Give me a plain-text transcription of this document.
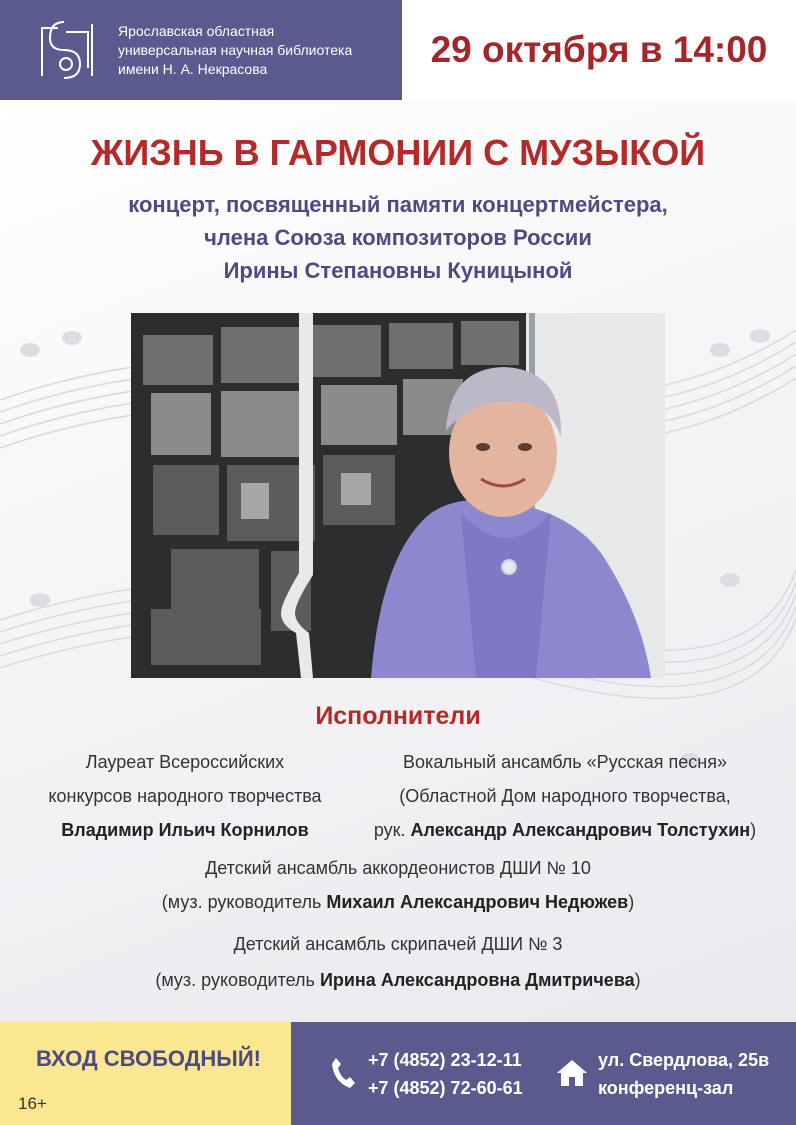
Ярославская областная
универсальная научная библиотека
имени Н. А. Некрасова	29 октября в 14:00
ЖИЗНЬ В ГАРМОНИИ С МУЗЫКОЙ
концерт, посвященный памяти концертмейстера,
члена Союза композиторов России
Ирины Степановны Куницыной
Исполнители
Лауреат Всероссийских
конкурсов народного творчества
Владимир Ильич Корнилов
Вокальный ансамбль «Русская песня»
(Областной Дом народного творчества,
рук. Александр Александрович Толстухин)
Детский ансамбль аккордеонистов ДШИ № 10
(муз. руководитель Михаил Александрович Недюжев)
Детский ансамбль скрипачей ДШИ № 3
(муз. руководитель Ирина Александровна Дмитричева)
ВХОД СВОБОДНЫЙ!
16+
+7 (4852) 23-12-11
+7 (4852) 72-60-61
ул. Свердлова, 25в
конференц-зал
